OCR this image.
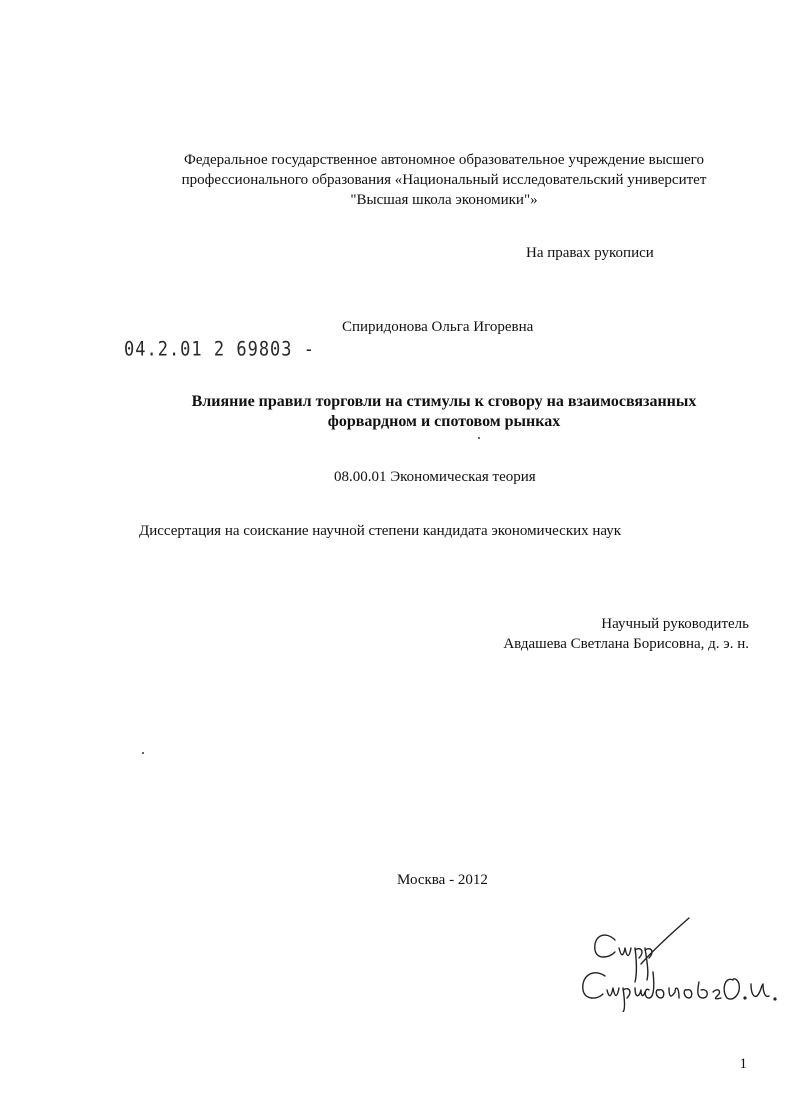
Федеральное государственное автономное образовательное учреждение высшего
профессионального образования «Национальный исследовательский университет
"Высшая школа экономики"»
На правах рукописи
Спиридонова Ольга Игоревна
04.2.01 2 69803 -
Влияние правил торговли на стимулы к сговору на взаимосвязанных
форвардном и спотовом рынках
08.00.01 Экономическая теория
Диссертация на соискание научной степени кандидата экономических наук
Научный руководитель
Авдашева Светлана Борисовна, д. э. н.
Москва - 2012
1
